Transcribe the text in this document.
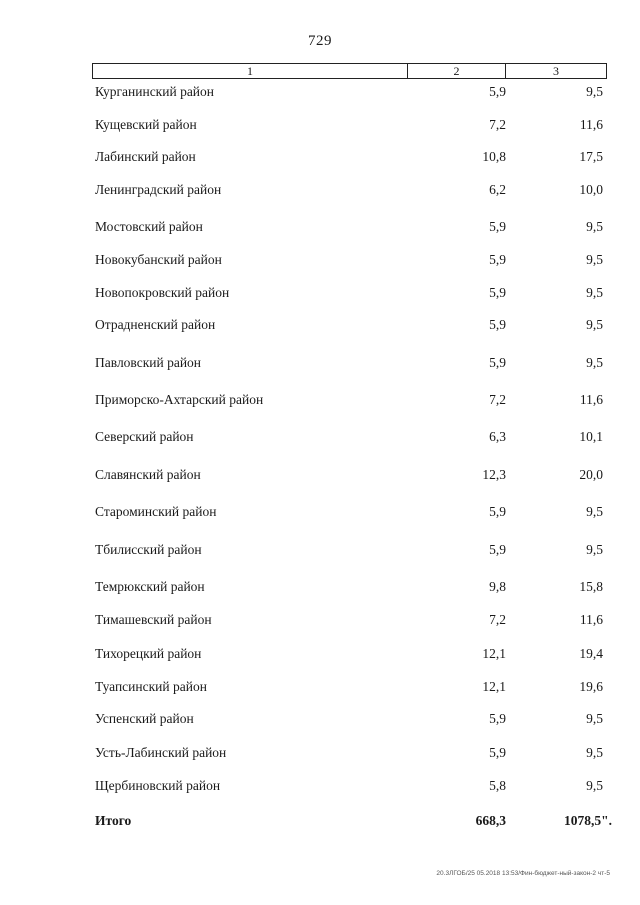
729
1	2	3
Курганинский район	5,9	9,5
Кущевский район	7,2	11,6
Лабинский район	10,8	17,5
Ленинградский район	6,2	10,0
Мостовский район	5,9	9,5
Новокубанский район	5,9	9,5
Новопокровский район	5,9	9,5
Отрадненский район	5,9	9,5
Павловский район	5,9	9,5
Приморско-Ахтарский район	7,2	11,6
Северский район	6,3	10,1
Славянский район	12,3	20,0
Староминский район	5,9	9,5
Тбилисский район	5,9	9,5
Темрюкский район	9,8	15,8
Тимашевский район	7,2	11,6
Тихорецкий район	12,1	19,4
Туапсинский район	12,1	19,6
Успенский район	5,9	9,5
Усть-Лабинский район	5,9	9,5
Щербиновский район	5,8	9,5
Итого	668,3	1078,5".
20.3ЛГОБ/25 05.2018 13:53/Фин-бюджет-ный-закон-2 чт-5
